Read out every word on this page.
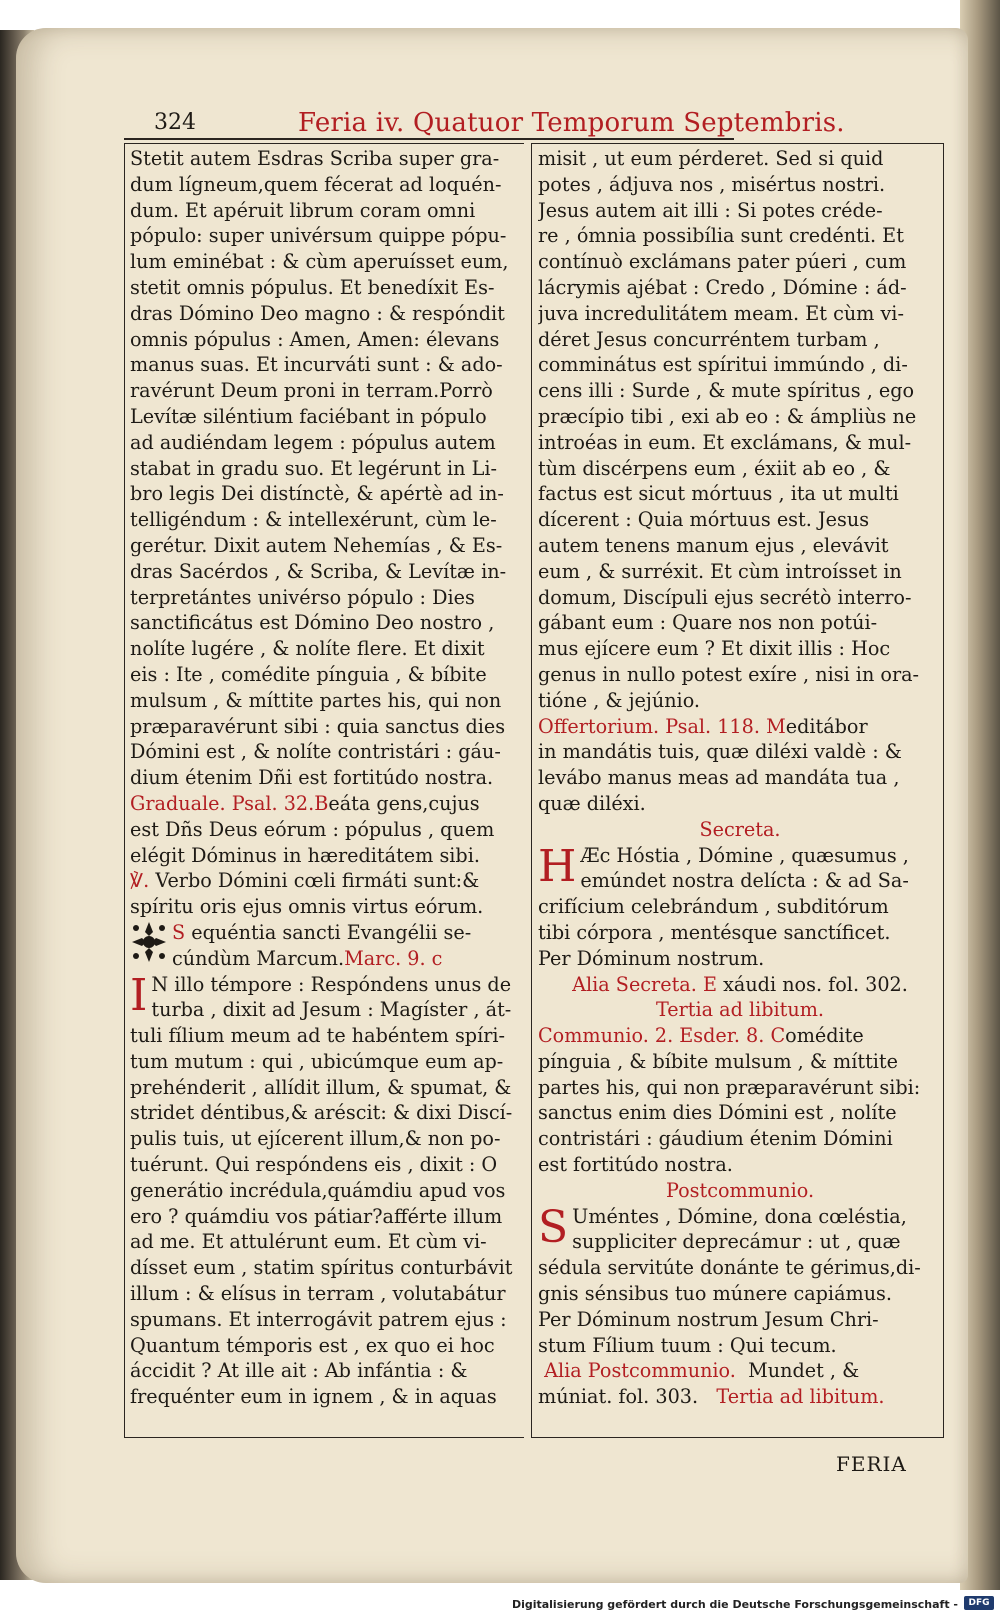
324	Feria iv. Quatuor Temporum Septembris.
Stetit autem Esdras Scriba super gra-
dum lígneum,quem fécerat ad loquén-
dum. Et apéruit librum coram omni
pópulo: super univérsum quippe pópu-
lum eminébat : & cùm aperuísset eum,
stetit omnis pópulus. Et benedíxit Es-
dras Dómino Deo magno : & respóndit
omnis pópulus : Amen, Amen: élevans
manus suas. Et incurváti sunt : & ado-
ravérunt Deum proni in terram.Porrò
Levítæ siléntium faciébant in pópulo
ad audiéndam legem : pópulus autem
stabat in gradu suo. Et legérunt in Li-
bro legis Dei distínctè, & apértè ad in-
telligéndum : & intellexérunt, cùm le-
gerétur. Dixit autem Nehemías , & Es-
dras Sacérdos , & Scriba, & Levítæ in-
terpretántes univérso pópulo : Dies
sanctificátus est Dómino Deo nostro ,
nolíte lugére , & nolíte flere. Et dixit
eis : Ite , comédite pínguia , & bíbite
mulsum , & míttite partes his, qui non
præparavérunt sibi : quia sanctus dies
Dómini est , & nolíte contristári : gáu-
dium étenim Dñi est fortitúdo nostra.
Graduale. Psal. 32.Beáta gens,cujus
est Dñs Deus eórum : pópulus , quem
elégit Dóminus in hæreditátem sibi.
℣. Verbo Dómini cœli firmáti sunt:&
spíritu oris ejus omnis virtus eórum.
S equéntia sancti Evangélii se-
cúndùm Marcum.Marc. 9. c
I N illo témpore : Respóndens unus de
turba , dixit ad Jesum : Magíster , át-
tuli fílium meum ad te habéntem spíri-
tum mutum : qui , ubicúmque eum ap-
prehénderit , allídit illum, & spumat, &
stridet déntibus,& aréscit: & dixi Discí-
pulis tuis, ut ejícerent illum,& non po-
tuérunt. Qui respóndens eis , dixit : O
generátio incrédula,quámdiu apud vos
ero ? quámdiu vos pátiar?afférte illum
ad me. Et attulérunt eum. Et cùm vi-
dísset eum , statim spíritus conturbávit
illum : & elísus in terram , volutabátur
spumans. Et interrogávit patrem ejus :
Quantum témporis est , ex quo ei hoc
áccidit ? At ille ait : Ab infántia : &
frequénter eum in ignem , & in aquas
misit , ut eum pérderet. Sed si quid
potes , ádjuva nos , misértus nostri.
Jesus autem ait illi : Si potes créde-
re , ómnia possibília sunt credénti. Et
contínuò exclámans pater púeri , cum
lácrymis ajébat : Credo , Dómine : ád-
juva incredulitátem meam. Et cùm vi-
déret Jesus concurréntem turbam ,
comminátus est spíritui immúndo , di-
cens illi : Surde , & mute spíritus , ego
præcípio tibi , exi ab eo : & ámpliùs ne
introéas in eum. Et exclámans, & mul-
tùm discérpens eum , éxiit ab eo , &
factus est sicut mórtuus , ita ut multi
dícerent : Quia mórtuus est. Jesus
autem tenens manum ejus , elevávit
eum , & surréxit. Et cùm introísset in
domum, Discípuli ejus secrétò interro-
gábant eum : Quare nos non potúi-
mus ejícere eum ? Et dixit illis : Hoc
genus in nullo potest exíre , nisi in ora-
tióne , & jejúnio.
Offertorium. Psal. 118. Meditábor
in mandátis tuis, quæ diléxi valdè : &
levábo manus meas ad mandáta tua ,
quæ diléxi.
Secreta.
H Æc Hóstia , Dómine , quæsumus ,
emúndet nostra delícta : & ad Sa-
crifícium celebrándum , subditórum
tibi córpora , mentésque sanctíficet.
Per Dóminum nostrum.
Alia Secreta. E xáudi nos. fol. 302.
Tertia ad libitum.
Communio. 2. Esder. 8. Comédite
pínguia , & bíbite mulsum , & míttite
partes his, qui non præparavérunt sibi:
sanctus enim dies Dómini est , nolíte
contristári : gáudium étenim Dómini
est fortitúdo nostra.
Postcommunio.
S Uméntes , Dómine, dona cœléstia,
suppliciter deprecámur : ut , quæ
sédula servitúte donánte te gérimus,di-
gnis sénsibus tuo múnere capiámus.
Per Dóminum nostrum Jesum Chri-
stum Fílium tuum : Qui tecum.
Alia Postcommunio. Mundet , &
múniat. fol. 303. Tertia ad libitum.
FERIA
Digitalisierung gefördert durch die Deutsche Forschungsgemeinschaft -	DFG
